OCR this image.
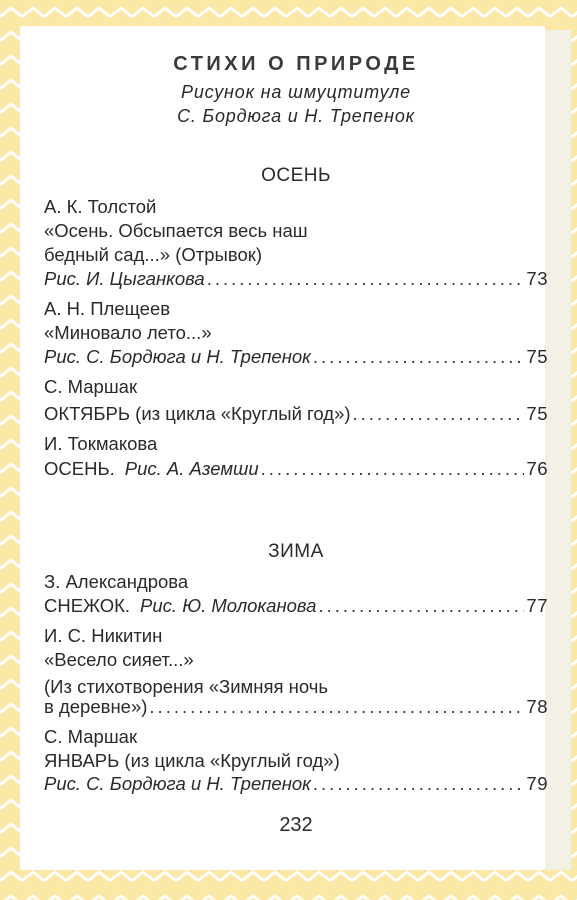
СТИХИ О ПРИРОДЕ
Рисунок на шмуцтитуле
С. Бордюга и Н. Трепенок
ОСЕНЬ
А. К. Толстой
«Осень. Обсыпается весь наш
бедный сад...» (Отрывок)
Рис. И. Цыганкова .....	73
А. Н. Плещеев
«Миновало лето...»
Рис. С. Бордюга и Н. Трепенок .....	75
С. Маршак
ОКТЯБРЬ (из цикла «Круглый год») .....	75
И. Токмакова
ОСЕНЬ. Рис. А. Аземши .....	76
ЗИМА
З. Александрова
СНЕЖОК. Рис. Ю. Молоканова .....	77
И. С. Никитин
«Весело сияет...»
(Из стихотворения «Зимняя ночь
в деревне») .....	78
С. Маршак
ЯНВАРЬ (из цикла «Круглый год»)
Рис. С. Бордюга и Н. Трепенок .....	79
232
